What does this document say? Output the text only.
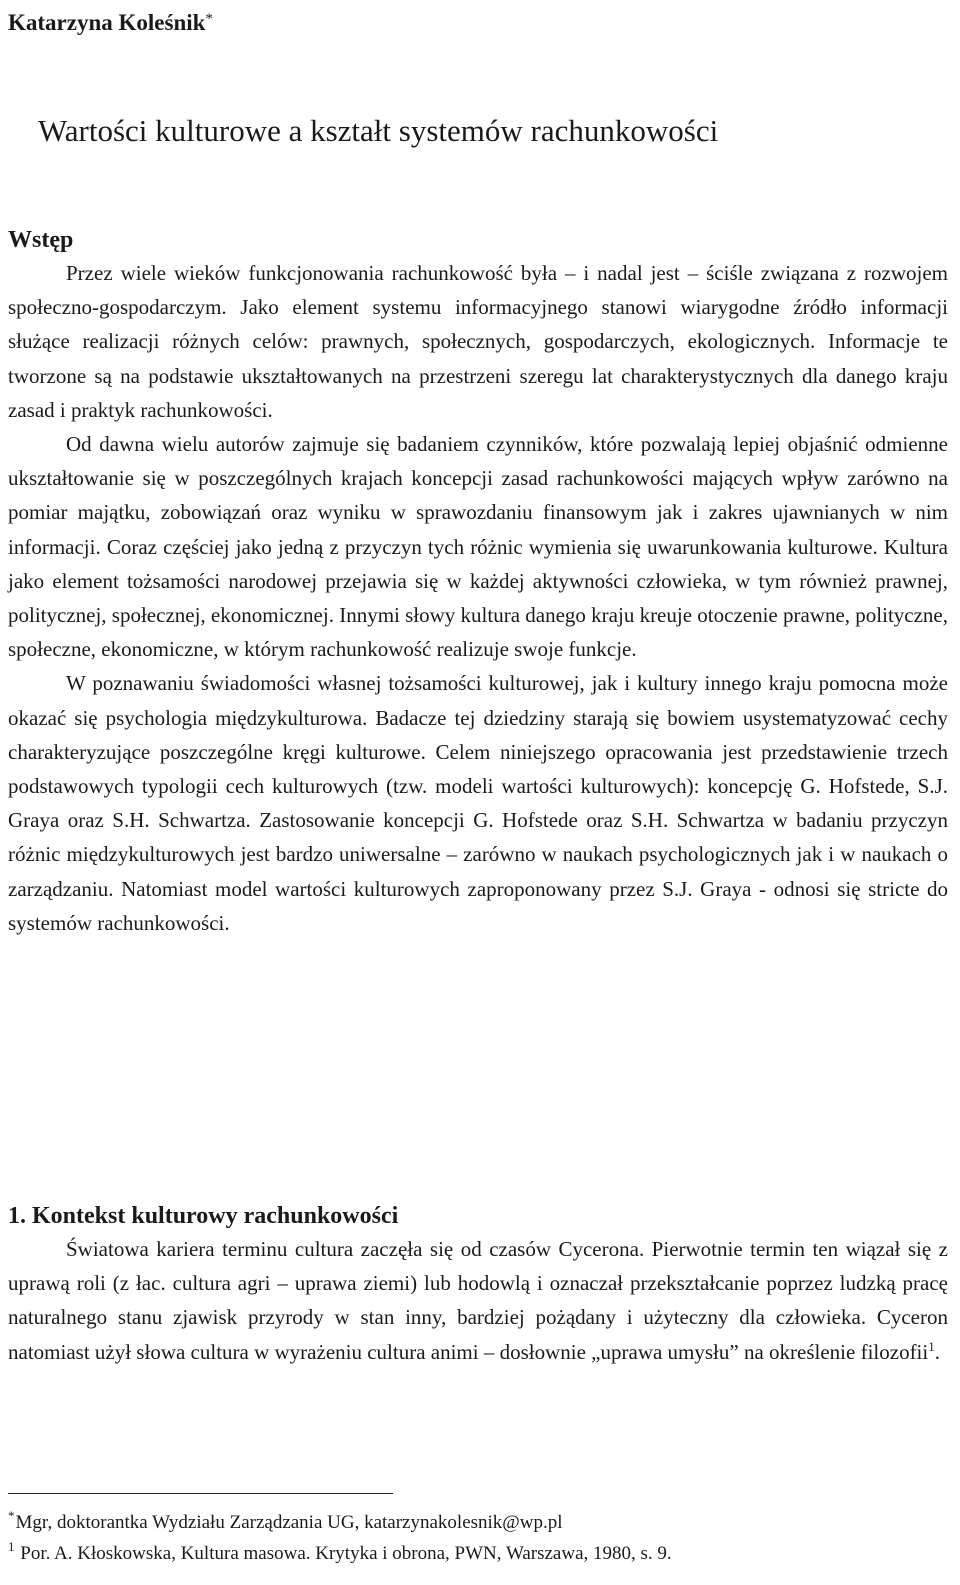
Katarzyna Koleśnik*
Wartości kulturowe a kształt systemów rachunkowości
Wstęp

Przez wiele wieków funkcjonowania rachunkowość była – i nadal jest – ściśle związana z rozwojem społeczno-gospodarczym. Jako element systemu informacyjnego stanowi wiarygodne źródło informacji służące realizacji różnych celów: prawnych, społecznych, gospodarczych, ekologicznych. Informacje te tworzone są na podstawie ukształtowanych na przestrzeni szeregu lat charakterystycznych dla danego kraju zasad i praktyk rachunkowości.

Od dawna wielu autorów zajmuje się badaniem czynników, które pozwalają lepiej objaśnić odmienne ukształtowanie się w poszczególnych krajach koncepcji zasad rachunkowości mających wpływ zarówno na pomiar majątku, zobowiązań oraz wyniku w sprawozdaniu finansowym jak i zakres ujawnianych w nim informacji. Coraz częściej jako jedną z przyczyn tych różnic wymienia się uwarunkowania kulturowe. Kultura jako element tożsamości narodowej przejawia się w każdej aktywności człowieka, w tym również prawnej, politycznej, społecznej, ekonomicznej. Innymi słowy kultura danego kraju kreuje otoczenie prawne, polityczne, społeczne, ekonomiczne, w którym rachunkowość realizuje swoje funkcje.

W poznawaniu świadomości własnej tożsamości kulturowej, jak i kultury innego kraju pomocna może okazać się psychologia międzykulturowa. Badacze tej dziedziny starają się bowiem usystematyzować cechy charakteryzujące poszczególne kręgi kulturowe. Celem niniejszego opracowania jest przedstawienie trzech podstawowych typologii cech kulturowych (tzw. modeli wartości kulturowych): koncepcję G. Hofstede, S.J. Graya oraz S.H. Schwartza. Zastosowanie koncepcji G. Hofstede oraz S.H. Schwartza w badaniu przyczyn różnic międzykulturowych jest bardzo uniwersalne – zarówno w naukach psychologicznych jak i w naukach o zarządzaniu. Natomiast model wartości kulturowych zaproponowany przez S.J. Graya - odnosi się stricte do systemów rachunkowości.

1. Kontekst kulturowy rachunkowości

Światowa kariera terminu cultura zaczęła się od czasów Cycerona. Pierwotnie termin ten wiązał się z uprawą roli (z łac. cultura agri – uprawa ziemi) lub hodowlą i oznaczał przekształcanie poprzez ludzką pracę naturalnego stanu zjawisk przyrody w stan inny, bardziej pożądany i użyteczny dla człowieka. Cyceron natomiast użył słowa cultura w wyrażeniu cultura animi – dosłownie „uprawa umysłu” na określenie filozofii$^1$.

*Mgr, doktorantka Wydziału Zarządzania UG, katarzynakolesnik@wp.pl

$^1$ Por. A. Kłoskowska, Kultura masowa. Krytyka i obrona, PWN, Warszawa, 1980, s. 9.
